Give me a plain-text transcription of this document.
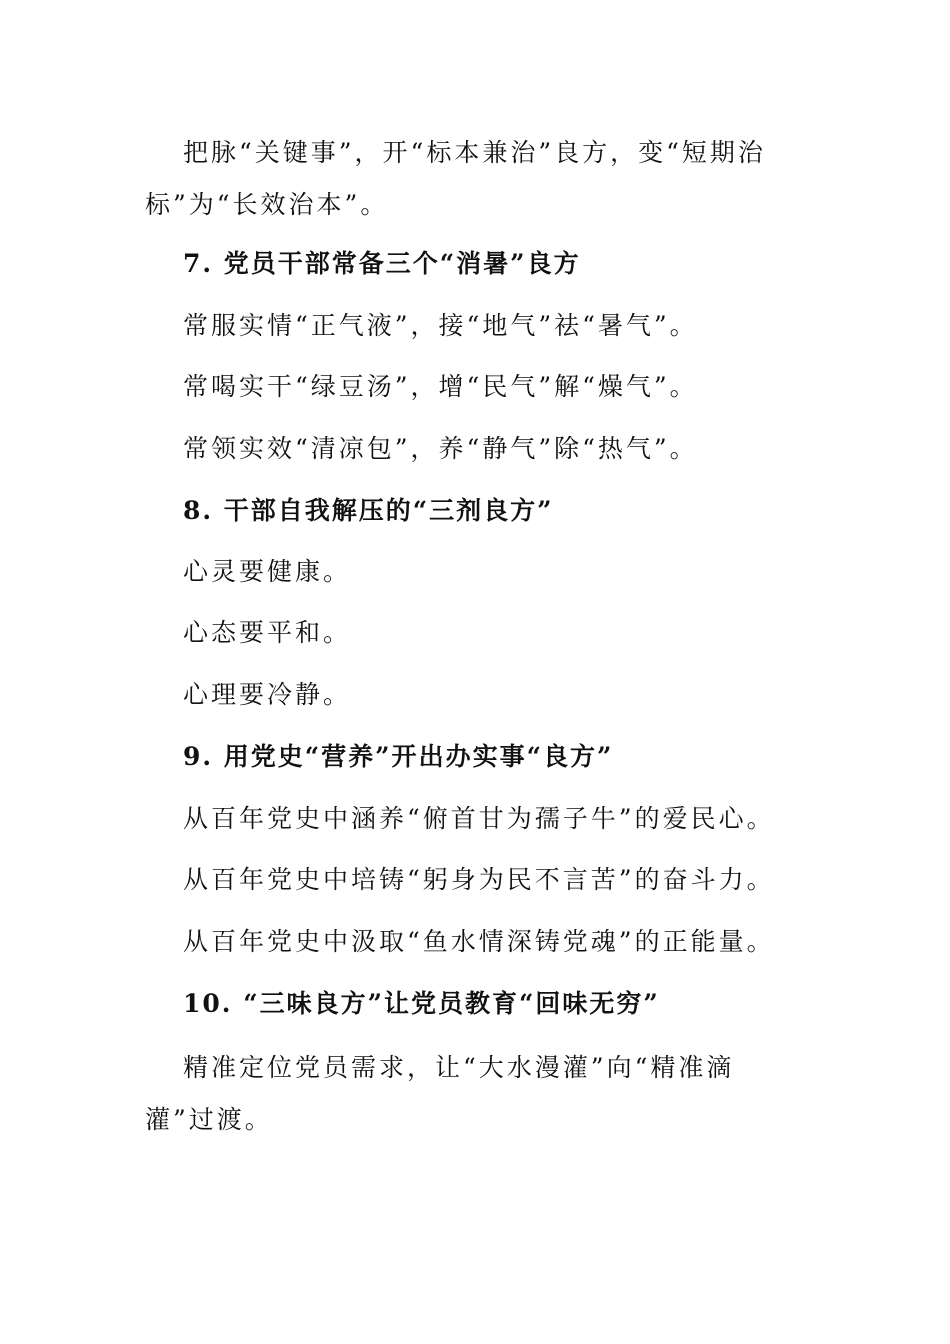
把脉“关键事”，开“标本兼治”良方，变“短期治标”为“长效治本”。
7. 党员干部常备三个“消暑”良方
常服实情“正气液”，接“地气”祛“暑气”。
常喝实干“绿豆汤”，增“民气”解“燥气”。
常领实效“清凉包”，养“静气”除“热气”。
8. 干部自我解压的“三剂良方”
心灵要健康。
心态要平和。
心理要冷静。
9. 用党史“营养”开出办实事“良方”
从百年党史中涵养“俯首甘为孺子牛”的爱民心。
从百年党史中培铸“躬身为民不言苦”的奋斗力。
从百年党史中汲取“鱼水情深铸党魂”的正能量。
10. “三味良方”让党员教育“回味无穷”
精准定位党员需求，让“大水漫灌”向“精准滴灌”过渡。
